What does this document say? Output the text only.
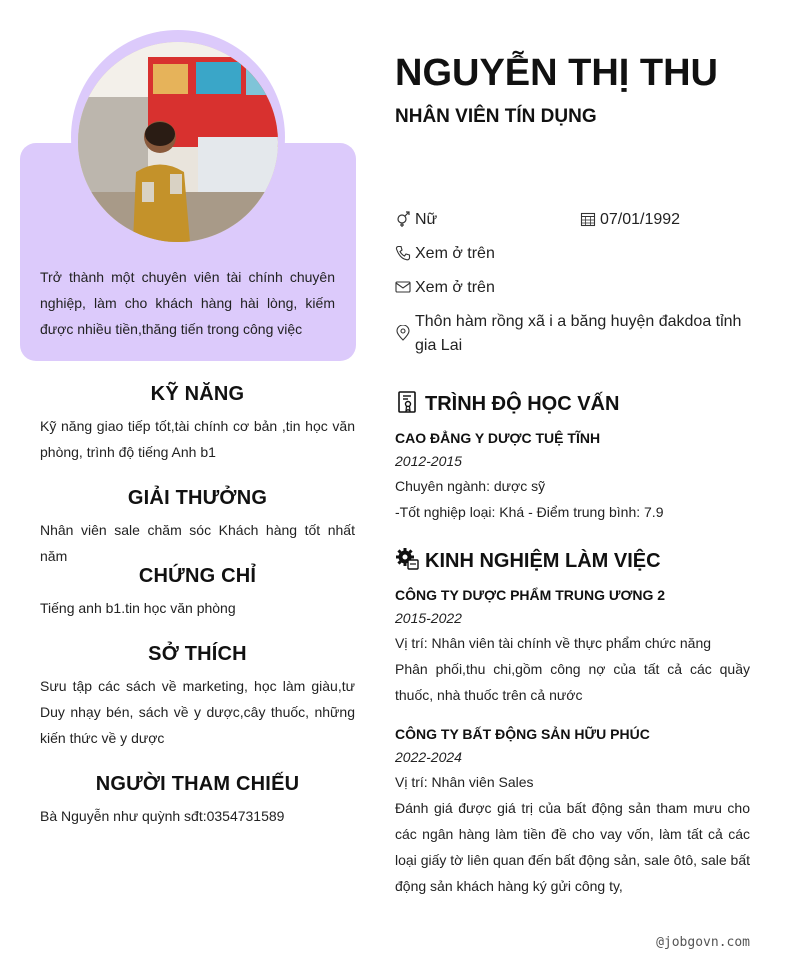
Trở thành một chuyên viên tài chính chuyên nghiệp, làm cho khách hàng hài lòng, kiếm được nhiều tiền,thăng tiến trong công việc
KỸ NĂNG
Kỹ năng giao tiếp tốt,tài chính cơ bản ,tin học văn phòng, trình độ tiếng Anh b1
GIẢI THƯỞNG
Nhân viên sale chăm sóc Khách hàng tốt nhất năm
CHỨNG CHỈ
Tiếng anh b1.tin học văn phòng
SỞ THÍCH
Sưu tập các sách về marketing, học làm giàu,tư Duy nhạy bén, sách về y dược,cây thuốc, những kiến thức về y dược
NGƯỜI THAM CHIẾU
Bà Nguyễn như quỳnh sđt:0354731589
NGUYỄN THỊ THU
NHÂN VIÊN TÍN DỤNG
Nữ	07/01/1992
Xem ở trên
Xem ở trên
Thôn hàm rồng xã i a băng huyện đakdoa tỉnh gia Lai
TRÌNH ĐỘ HỌC VẤN
CAO ĐẲNG Y DƯỢC TUỆ TĨNH
2012-2015
Chuyên ngành: dược sỹ
-Tốt nghiệp loại: Khá - Điểm trung bình: 7.9
KINH NGHIỆM LÀM VIỆC
CÔNG TY DƯỢC PHẨM TRUNG ƯƠNG 2
2015-2022
Vị trí: Nhân viên tài chính về thực phẩm chức năng
Phân phối,thu chi,gồm công nợ của tất cả các quầy thuốc, nhà thuốc trên cả nước
CÔNG TY BẤT ĐỘNG SẢN HỮU PHÚC
2022-2024
Vị trí: Nhân viên Sales
Đánh giá được giá trị của bất động sản tham mưu cho các ngân hàng làm tiền đề cho vay vốn, làm tất cả các loại giấy tờ liên quan đến bất động sản, sale ôtô, sale bất động sản khách hàng ký gửi công ty,
@jobgovn.com
